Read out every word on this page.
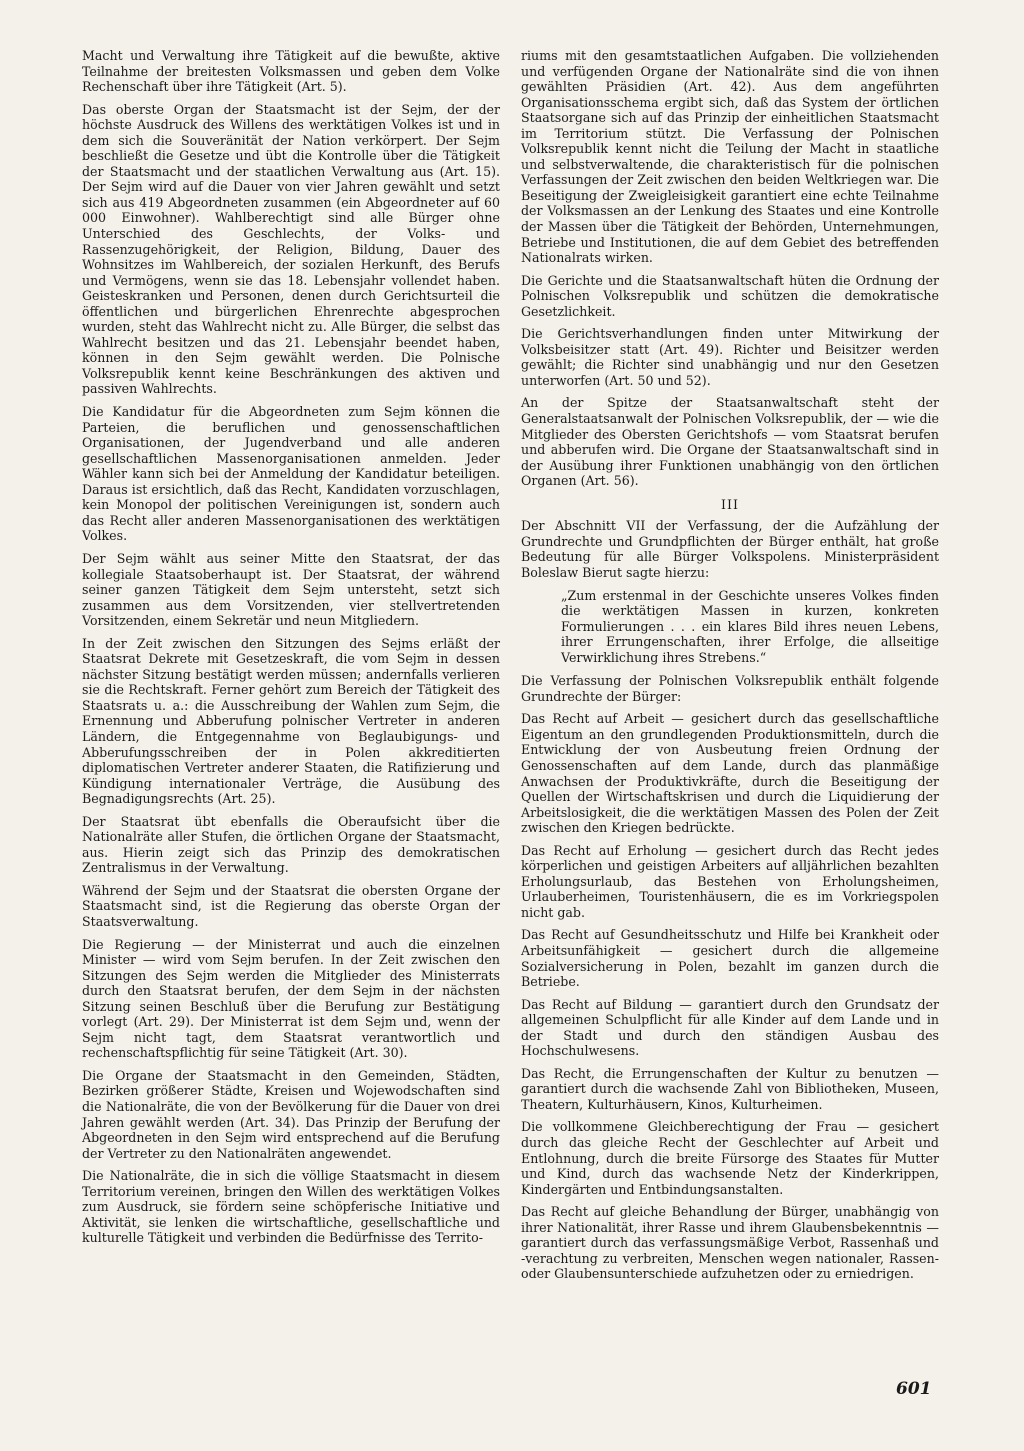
Macht und Verwaltung ihre Tätigkeit auf die bewußte, aktive Teilnahme der breitesten Volksmassen und geben dem Volke Rechenschaft über ihre Tätigkeit (Art. 5).

Das oberste Organ der Staatsmacht ist der Sejm, der der höchste Ausdruck des Willens des werktätigen Volkes ist und in dem sich die Souveränität der Nation verkörpert. Der Sejm beschließt die Gesetze und übt die Kontrolle über die Tätigkeit der Staatsmacht und der staatlichen Verwaltung aus (Art. 15). Der Sejm wird auf die Dauer von vier Jahren gewählt und setzt sich aus 419 Abgeordneten zusammen (ein Abgeordneter auf 60 000 Einwohner). Wahlberechtigt sind alle Bürger ohne Unterschied des Geschlechts, der Volks- und Rassenzugehörigkeit, der Religion, Bildung, Dauer des Wohnsitzes im Wahlbereich, der sozialen Herkunft, des Berufs und Vermögens, wenn sie das 18. Lebensjahr vollendet haben. Geisteskranken und Personen, denen durch Gerichtsurteil die öffentlichen und bürgerlichen Ehrenrechte abgesprochen wurden, steht das Wahlrecht nicht zu. Alle Bürger, die selbst das Wahlrecht besitzen und das 21. Lebensjahr beendet haben, können in den Sejm gewählt werden. Die Polnische Volksrepublik kennt keine Beschränkungen des aktiven und passiven Wahlrechts.

Die Kandidatur für die Abgeordneten zum Sejm können die Parteien, die beruflichen und genossenschaftlichen Organisationen, der Jugendverband und alle anderen gesellschaftlichen Massenorganisationen anmelden. Jeder Wähler kann sich bei der Anmeldung der Kandidatur beteiligen. Daraus ist ersichtlich, daß das Recht, Kandidaten vorzuschlagen, kein Monopol der politischen Vereinigungen ist, sondern auch das Recht aller anderen Massenorganisationen des werktätigen Volkes.

Der Sejm wählt aus seiner Mitte den Staatsrat, der das kollegiale Staatsoberhaupt ist. Der Staatsrat, der während seiner ganzen Tätigkeit dem Sejm untersteht, setzt sich zusammen aus dem Vorsitzenden, vier stellvertretenden Vorsitzenden, einem Sekretär und neun Mitgliedern.

In der Zeit zwischen den Sitzungen des Sejms erläßt der Staatsrat Dekrete mit Gesetzeskraft, die vom Sejm in dessen nächster Sitzung bestätigt werden müssen; andernfalls verlieren sie die Rechtskraft. Ferner gehört zum Bereich der Tätigkeit des Staatsrats u. a.: die Ausschreibung der Wahlen zum Sejm, die Ernennung und Abberufung polnischer Vertreter in anderen Ländern, die Entgegennahme von Beglaubigungs- und Abberufungsschreiben der in Polen akkreditierten diplomatischen Vertreter anderer Staaten, die Ratifizierung und Kündigung internationaler Verträge, die Ausübung des Begnadigungsrechts (Art. 25).

Der Staatsrat übt ebenfalls die Oberaufsicht über die Nationalräte aller Stufen, die örtlichen Organe der Staatsmacht, aus. Hierin zeigt sich das Prinzip des demokratischen Zentralismus in der Verwaltung.

Während der Sejm und der Staatsrat die obersten Organe der Staatsmacht sind, ist die Regierung das oberste Organ der Staatsverwaltung.

Die Regierung — der Ministerrat und auch die einzelnen Minister — wird vom Sejm berufen. In der Zeit zwischen den Sitzungen des Sejm werden die Mitglieder des Ministerrats durch den Staatsrat berufen, der dem Sejm in der nächsten Sitzung seinen Beschluß über die Berufung zur Bestätigung vorlegt (Art. 29). Der Ministerrat ist dem Sejm und, wenn der Sejm nicht tagt, dem Staatsrat verantwortlich und rechenschaftspflichtig für seine Tätigkeit (Art. 30).

Die Organe der Staatsmacht in den Gemeinden, Städten, Bezirken größerer Städte, Kreisen und Wojewodschaften sind die Nationalräte, die von der Bevölkerung für die Dauer von drei Jahren gewählt werden (Art. 34). Das Prinzip der Berufung der Abgeordneten in den Sejm wird entsprechend auf die Berufung der Vertreter zu den Nationalräten angewendet.

Die Nationalräte, die in sich die völlige Staatsmacht in diesem Territorium vereinen, bringen den Willen des werktätigen Volkes zum Ausdruck, sie fördern seine schöpferische Initiative und Aktivität, sie lenken die wirtschaftliche, gesellschaftliche und kulturelle Tätigkeit und verbinden die Bedürfnisse des Territo-

riums mit den gesamtstaatlichen Aufgaben. Die vollziehenden und verfügenden Organe der Nationalräte sind die von ihnen gewählten Präsidien (Art. 42). Aus dem angeführten Organisationsschema ergibt sich, daß das System der örtlichen Staatsorgane sich auf das Prinzip der einheitlichen Staatsmacht im Territorium stützt. Die Verfassung der Polnischen Volksrepublik kennt nicht die Teilung der Macht in staatliche und selbstverwaltende, die charakteristisch für die polnischen Verfassungen der Zeit zwischen den beiden Weltkriegen war. Die Beseitigung der Zweigleisigkeit garantiert eine echte Teilnahme der Volksmassen an der Lenkung des Staates und eine Kontrolle der Massen über die Tätigkeit der Behörden, Unternehmungen, Betriebe und Institutionen, die auf dem Gebiet des betreffenden Nationalrats wirken.

Die Gerichte und die Staatsanwaltschaft hüten die Ordnung der Polnischen Volksrepublik und schützen die demokratische Gesetzlichkeit.

Die Gerichtsverhandlungen finden unter Mitwirkung der Volksbeisitzer statt (Art. 49). Richter und Beisitzer werden gewählt; die Richter sind unabhängig und nur den Gesetzen unterworfen (Art. 50 und 52).

An der Spitze der Staatsanwaltschaft steht der Generalstaatsanwalt der Polnischen Volksrepublik, der — wie die Mitglieder des Obersten Gerichtshofs — vom Staatsrat berufen und abberufen wird. Die Organe der Staatsanwaltschaft sind in der Ausübung ihrer Funktionen unabhängig von den örtlichen Organen (Art. 56).

III

Der Abschnitt VII der Verfassung, der die Aufzählung der Grundrechte und Grundpflichten der Bürger enthält, hat große Bedeutung für alle Bürger Volkspolens. Ministerpräsident Boleslaw Bierut sagte hierzu:

„Zum erstenmal in der Geschichte unseres Volkes finden die werktätigen Massen in kurzen, konkreten Formulierungen . . . ein klares Bild ihres neuen Lebens, ihrer Errungenschaften, ihrer Erfolge, die allseitige Verwirklichung ihres Strebens.“

Die Verfassung der Polnischen Volksrepublik enthält folgende Grundrechte der Bürger:

Das Recht auf Arbeit — gesichert durch das gesellschaftliche Eigentum an den grundlegenden Produktionsmitteln, durch die Entwicklung der von Ausbeutung freien Ordnung der Genossenschaften auf dem Lande, durch das planmäßige Anwachsen der Produktivkräfte, durch die Beseitigung der Quellen der Wirtschaftskrisen und durch die Liquidierung der Arbeitslosigkeit, die die werktätigen Massen des Polen der Zeit zwischen den Kriegen bedrückte.

Das Recht auf Erholung — gesichert durch das Recht jedes körperlichen und geistigen Arbeiters auf alljährlichen bezahlten Erholungsurlaub, das Bestehen von Erholungsheimen, Urlauberheimen, Touristenhäusern, die es im Vorkriegspolen nicht gab.

Das Recht auf Gesundheitsschutz und Hilfe bei Krankheit oder Arbeitsunfähigkeit — gesichert durch die allgemeine Sozialversicherung in Polen, bezahlt im ganzen durch die Betriebe.

Das Recht auf Bildung — garantiert durch den Grundsatz der allgemeinen Schulpflicht für alle Kinder auf dem Lande und in der Stadt und durch den ständigen Ausbau des Hochschulwesens.

Das Recht, die Errungenschaften der Kultur zu benutzen — garantiert durch die wachsende Zahl von Bibliotheken, Museen, Theatern, Kulturhäusern, Kinos, Kulturheimen.

Die vollkommene Gleichberechtigung der Frau — gesichert durch das gleiche Recht der Geschlechter auf Arbeit und Entlohnung, durch die breite Fürsorge des Staates für Mutter und Kind, durch das wachsende Netz der Kinderkrippen, Kindergärten und Entbindungsanstalten.

Das Recht auf gleiche Behandlung der Bürger, unabhängig von ihrer Nationalität, ihrer Rasse und ihrem Glaubensbekenntnis — garantiert durch das verfassungsmäßige Verbot, Rassenhaß und -verachtung zu verbreiten, Menschen wegen nationaler, Rassen- oder Glaubensunterschiede aufzuhetzen oder zu erniedrigen.

601
